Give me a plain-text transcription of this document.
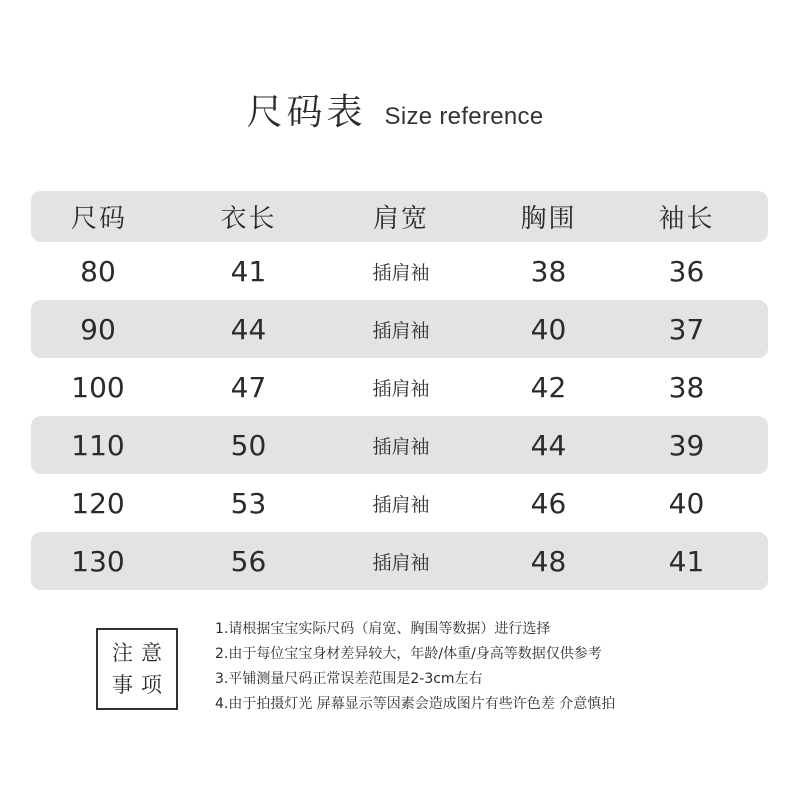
尺码表 Size reference
尺码	衣长	肩宽	胸围	袖长
80	41	插肩袖	38	36
90	44	插肩袖	40	37
100	47	插肩袖	42	38
110	50	插肩袖	44	39
120	53	插肩袖	46	40
130	56	插肩袖	48	41
注意
事项
1.请根据宝宝实际尺码（肩宽、胸围等数据）进行选择
2.由于每位宝宝身材差异较大，年龄/体重/身高等数据仅供参考
3.平铺测量尺码正常误差范围是2-3cm左右
4.由于拍摄灯光 屏幕显示等因素会造成图片有些许色差 介意慎拍
